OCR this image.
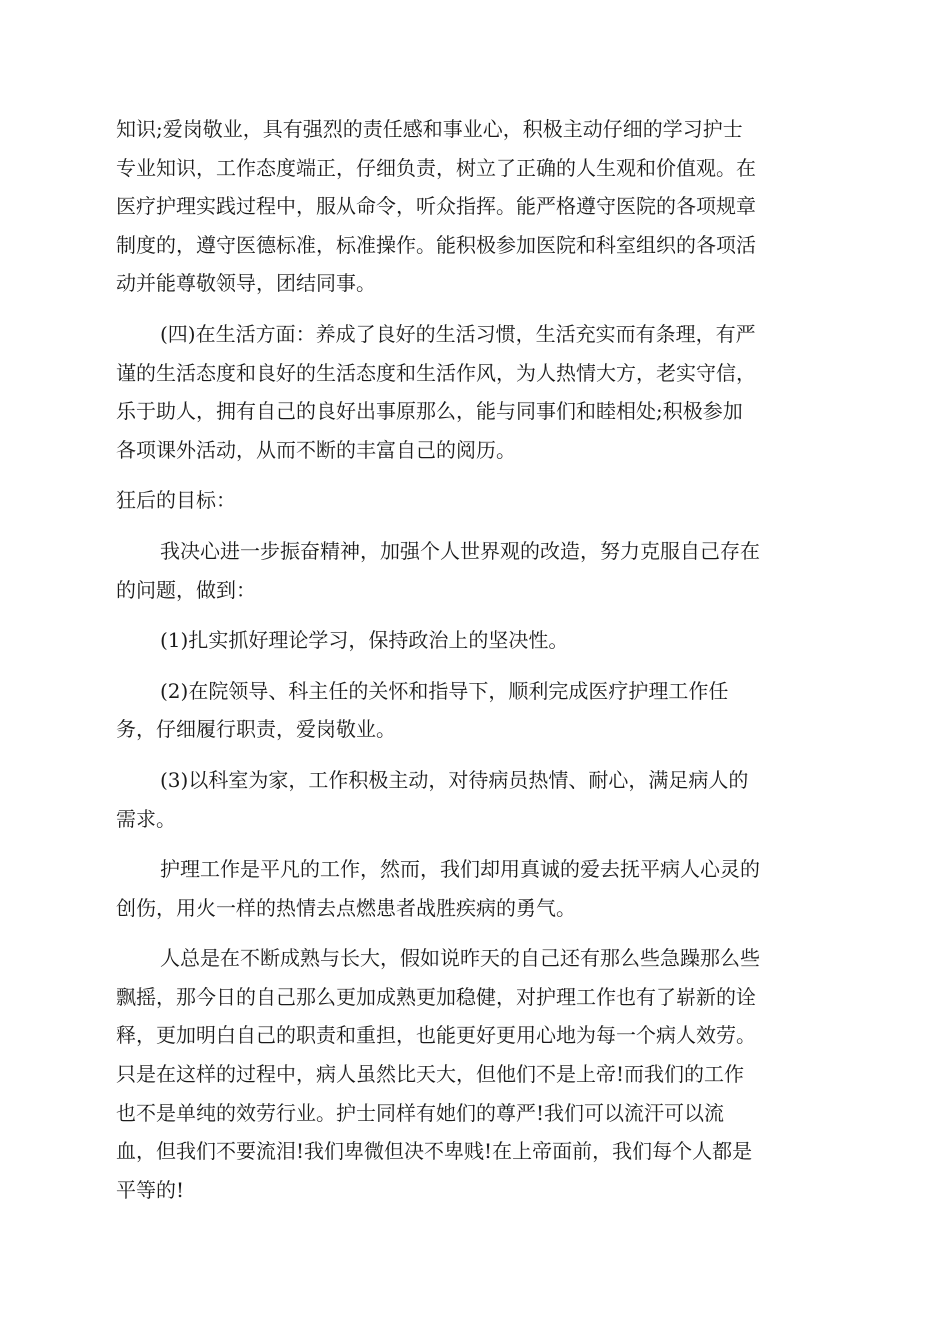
知识;爱岗敬业，具有强烈的责任感和事业心，积极主动仔细的学习护士
专业知识，工作态度端正，仔细负责，树立了正确的人生观和价值观。在
医疗护理实践过程中，服从命令，听众指挥。能严格遵守医院的各项规章
制度的，遵守医德标准，标准操作。能积极参加医院和科室组织的各项活
动并能尊敬领导，团结同事。
(四)在生活方面：养成了良好的生活习惯，生活充实而有条理，有严
谨的生活态度和良好的生活态度和生活作风，为人热情大方，老实守信，
乐于助人，拥有自己的良好出事原那么，能与同事们和睦相处;积极参加
各项课外活动，从而不断的丰富自己的阅历。
狂后的目标：
我决心进一步振奋精神，加强个人世界观的改造，努力克服自己存在
的问题，做到：
(1)扎实抓好理论学习，保持政治上的坚决性。
(2)在院领导、科主任的关怀和指导下，顺利完成医疗护理工作任
务，仔细履行职责，爱岗敬业。
(3)以科室为家，工作积极主动，对待病员热情、耐心，满足病人的
需求。
护理工作是平凡的工作，然而，我们却用真诚的爱去抚平病人心灵的
创伤，用火一样的热情去点燃患者战胜疾病的勇气。
人总是在不断成熟与长大，假如说昨天的自己还有那么些急躁那么些
飘摇，那今日的自己那么更加成熟更加稳健，对护理工作也有了崭新的诠
释，更加明白自己的职责和重担，也能更好更用心地为每一个病人效劳。
只是在这样的过程中，病人虽然比天大，但他们不是上帝!而我们的工作
也不是单纯的效劳行业。护士同样有她们的尊严!我们可以流汗可以流
血，但我们不要流泪!我们卑微但决不卑贱!在上帝面前，我们每个人都是
平等的!
